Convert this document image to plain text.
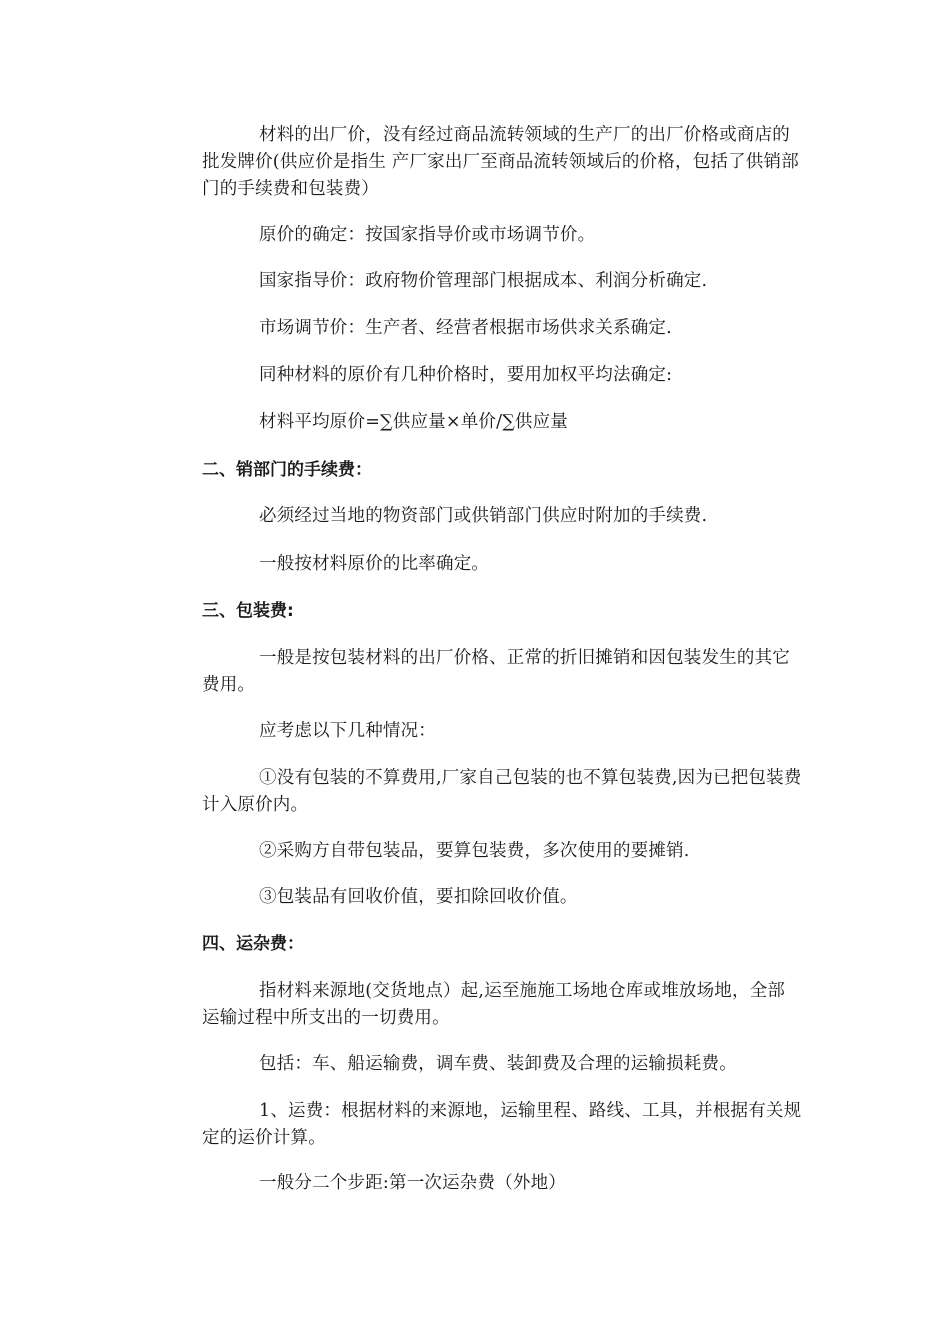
材料的出厂价，没有经过商品流转领域的生产厂的出厂价格或商店的批发牌价(供应价是指生 产厂家出厂至商品流转领域后的价格，包括了供销部门的手续费和包装费）

原价的确定：按国家指导价或市场调节价。

国家指导价：政府物价管理部门根据成本、利润分析确定.

市场调节价：生产者、经营者根据市场供求关系确定.

同种材料的原价有几种价格时，要用加权平均法确定:

材料平均原价=∑供应量×单价/∑供应量

二、销部门的手续费：

必须经过当地的物资部门或供销部门供应时附加的手续费.

一般按材料原价的比率确定。

三、包装费:

一般是按包装材料的出厂价格、正常的折旧摊销和因包装发生的其它费用。

应考虑以下几种情况：

①没有包装的不算费用,厂家自己包装的也不算包装费,因为已把包装费计入原价内。

②采购方自带包装品，要算包装费，多次使用的要摊销.

③包装品有回收价值，要扣除回收价值。

四、运杂费：

指材料来源地(交货地点）起,运至施施工场地仓库或堆放场地，全部运输过程中所支出的一切费用。

包括：车、船运输费，调车费、装卸费及合理的运输损耗费。

1、运费：根据材料的来源地，运输里程、路线、工具，并根据有关规定的运价计算。

一般分二个步距:第一次运杂费（外地）
